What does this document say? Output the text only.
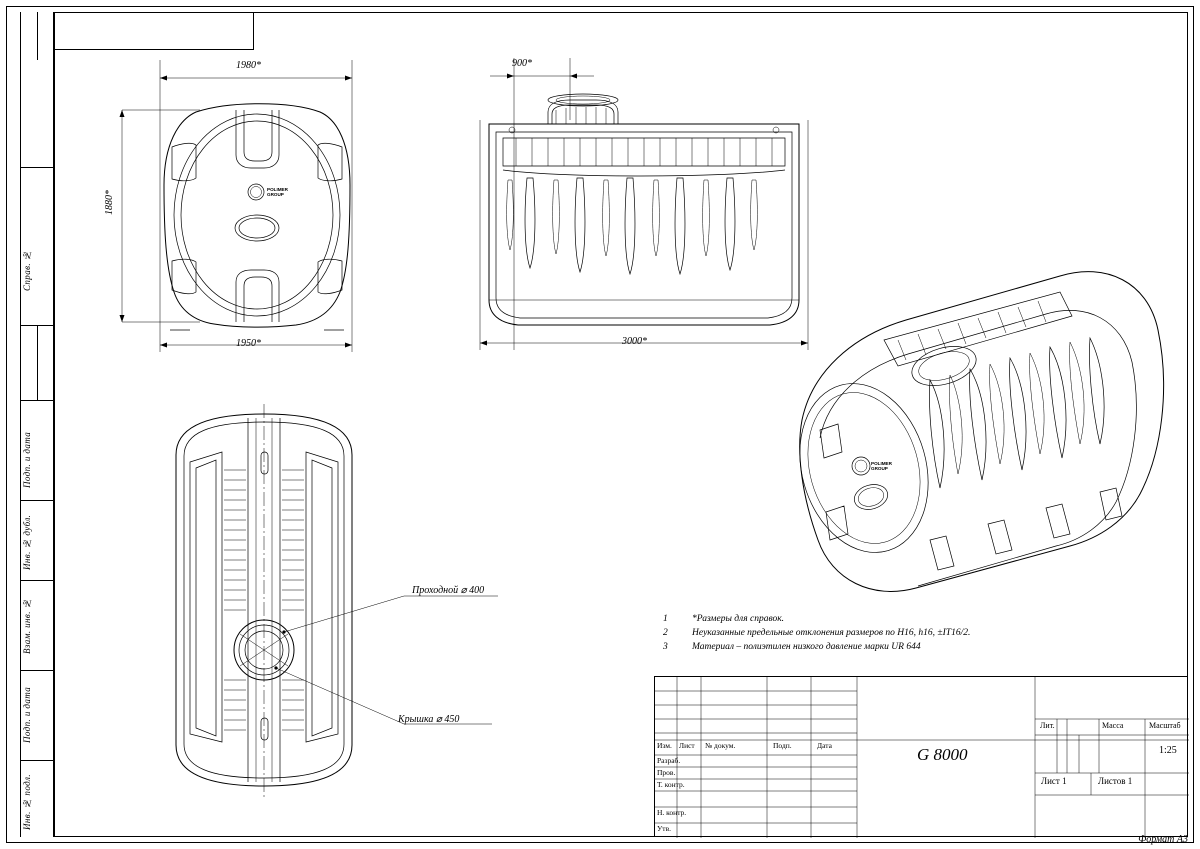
Справ. №
Подп. и дата
Инв. № дубл.
Взам. инв. №
Подп. и дата
Инв. № подл.
1980*
1950*
1880*
900*
3000*
POLIMER
GROUP
POLIMER
GROUP
Проходной ⌀ 400
Крышка ⌀ 450
1	*Размеры для справок.
2	Неуказанные предельные отклонения размеров по H16, h16, ±IT16/2.
3	Материал – полиэтилен низкого давление марки UR 644
Изм. Лист № докум.	Подп.	Дата
Разраб.
Пров.
Т. контр.
Н. контр.
Утв.
G 8000
Лит.	Масса	Масштаб
1:25
Лист 1	Листов 1
Формат А3
